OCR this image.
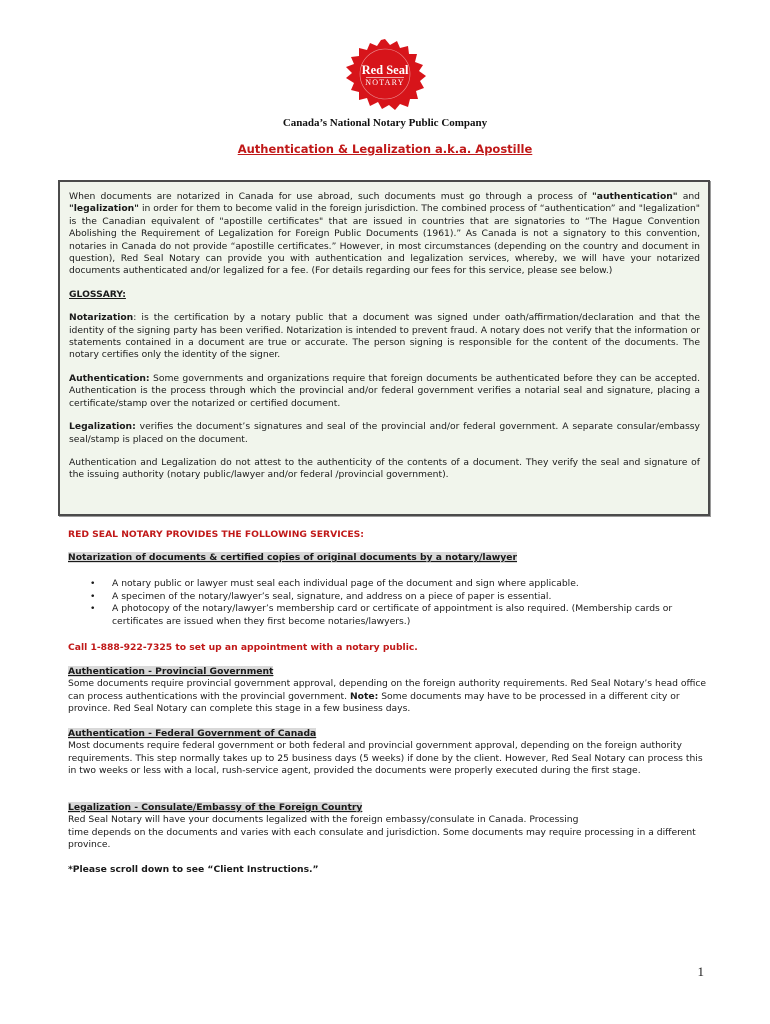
Red Seal
NOTARY
Canada’s National Notary Public Company
Authentication & Legalization a.k.a. Apostille

When documents are notarized in Canada for use abroad, such documents must go through a process of "authentication" and "legalization" in order for them to become valid in the foreign jurisdiction. The combined process of “authentication” and "legalization" is the Canadian equivalent of "apostille certificates" that are issued in countries that are signatories to “The Hague Convention Abolishing the Requirement of Legalization for Foreign Public Documents (1961).” As Canada is not a signatory to this convention, notaries in Canada do not provide “apostille certificates.” However, in most circumstances (depending on the country and document in question), Red Seal Notary can provide you with authentication and legalization services, whereby, we will have your notarized documents authenticated and/or legalized for a fee. (For details regarding our fees for this service, please see below.)

GLOSSARY:

Notarization: is the certification by a notary public that a document was signed under oath/affirmation/declaration and that the identity of the signing party has been verified. Notarization is intended to prevent fraud. A notary does not verify that the information or statements contained in a document are true or accurate. The person signing is responsible for the content of the documents. The notary certifies only the identity of the signer.

Authentication: Some governments and organizations require that foreign documents be authenticated before they can be accepted. Authentication is the process through which the provincial and/or federal government verifies a notarial seal and signature, placing a certificate/stamp over the notarized or certified document.

Legalization: verifies the document’s signatures and seal of the provincial and/or federal government. A separate consular/embassy seal/stamp is placed on the document.

Authentication and Legalization do not attest to the authenticity of the contents of a document. They verify the seal and signature of the issuing authority (notary public/lawyer and/or federal /provincial government).

RED SEAL NOTARY PROVIDES THE FOLLOWING SERVICES:
Notarization of documents & certified copies of original documents by a notary/lawyer
• A notary public or lawyer must seal each individual page of the document and sign where applicable.
• A specimen of the notary/lawyer’s seal, signature, and address on a piece of paper is essential.
• A photocopy of the notary/lawyer’s membership card or certificate of appointment is also required. (Membership cards or certificates are issued when they first become notaries/lawyers.)
Call 1-888-922-7325 to set up an appointment with a notary public.
Authentication - Provincial Government
Some documents require provincial government approval, depending on the foreign authority requirements. Red Seal Notary’s head office can process authentications with the provincial government. Note: Some documents may have to be processed in a different city or province. Red Seal Notary can complete this stage in a few business days.
Authentication - Federal Government of Canada
Most documents require federal government or both federal and provincial government approval, depending on the foreign authority requirements. This step normally takes up to 25 business days (5 weeks) if done by the client. However, Red Seal Notary can process this in two weeks or less with a local, rush-service agent, provided the documents were properly executed during the first stage.
Legalization - Consulate/Embassy of the Foreign Country
Red Seal Notary will have your documents legalized with the foreign embassy/consulate in Canada. Processing
time depends on the documents and varies with each consulate and jurisdiction. Some documents may require processing in a different province.
*Please scroll down to see “Client Instructions.”
1
